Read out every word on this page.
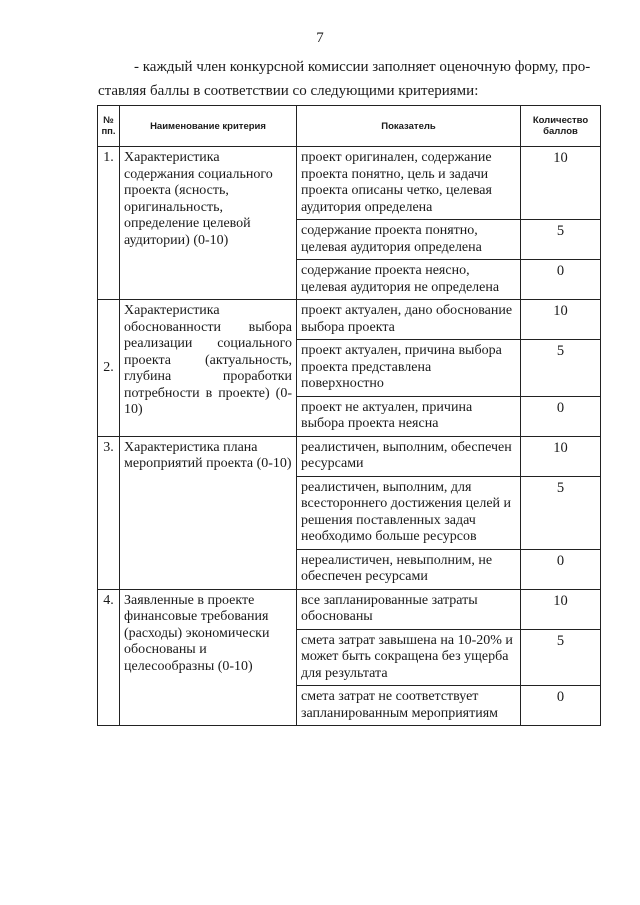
7
- каждый член конкурсной комиссии заполняет оценочную форму, про-
ставляя баллы в соответствии со следующими критериями:
№ пп.	Наименование критерия	Показатель	Количество баллов
1.	Характеристика содержания социального проекта (ясность, оригинальность, определение целевой аудитории) (0-10)	проект оригинален, содержание проекта понятно, цель и задачи проекта описаны четко, целевая аудитория определена	10
		содержание проекта понятно, целевая аудитория определена	5
		содержание проекта неясно, целевая аудитория не определена	0
2.	Характеристика обоснованности выбора реализации социального проекта (актуальность, глубина проработки потребности в проекте) (0-10)	проект актуален, дано обоснование выбора проекта	10
		проект актуален, причина выбора проекта представлена поверхностно	5
		проект не актуален, причина выбора проекта неясна	0
3.	Характеристика плана мероприятий проекта (0-10)	реалистичен, выполним, обеспечен ресурсами	10
		реалистичен, выполним, для всестороннего достижения целей и решения поставленных задач необходимо больше ресурсов	5
		нереалистичен, невыполним, не обеспечен ресурсами	0
4.	Заявленные в проекте финансовые требования (расходы) экономически обоснованы и целесообразны (0-10)	все запланированные затраты обоснованы	10
		смета затрат завышена на 10-20% и может быть сокращена без ущерба для результата	5
		смета затрат не соответствует запланированным мероприятиям	0
